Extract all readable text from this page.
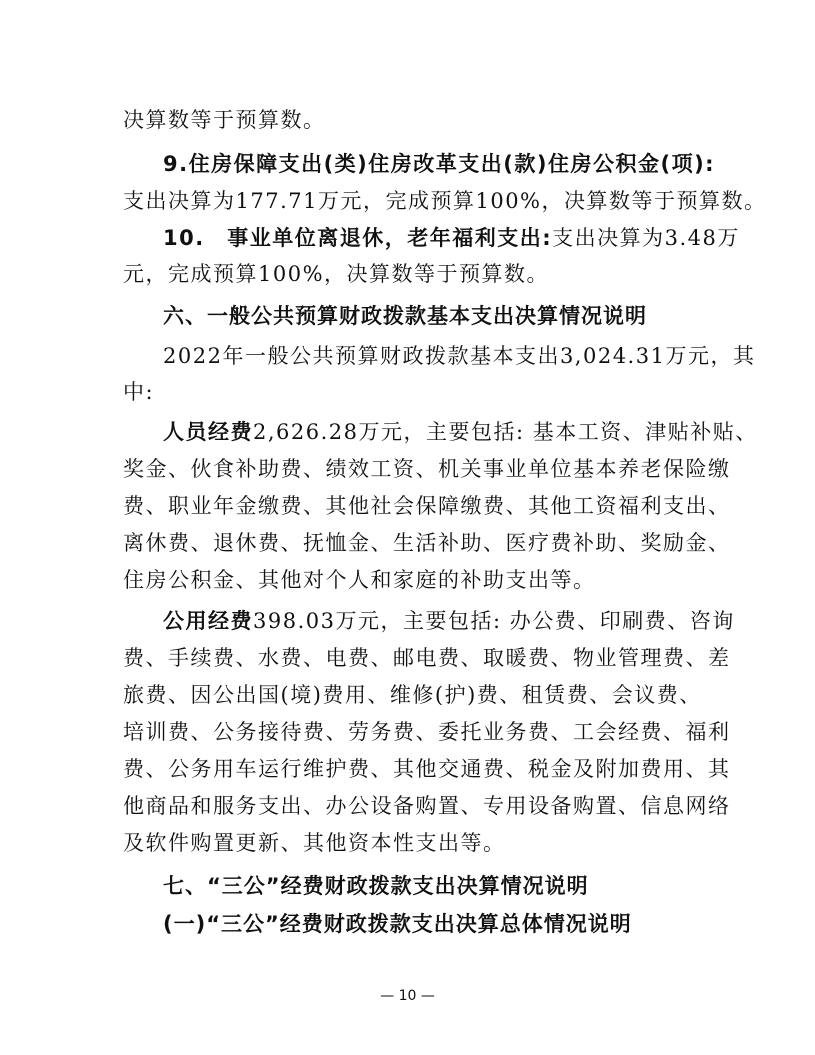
决算数等于预算数。
9.住房保障支出(类)住房改革支出(款)住房公积金(项):
支出决算为177.71万元，完成预算100%，决算数等于预算数。
10.　事业单位离退休，老年福利支出:支出决算为3.48万
元，完成预算100%，决算数等于预算数。
六、一般公共预算财政拨款基本支出决算情况说明
2022年一般公共预算财政拨款基本支出3,024.31万元，其
中:
人员经费2,626.28万元，主要包括: 基本工资、津贴补贴、
奖金、伙食补助费、绩效工资、机关事业单位基本养老保险缴
费、职业年金缴费、其他社会保障缴费、其他工资福利支出、
离休费、退休费、抚恤金、生活补助、医疗费补助、奖励金、
住房公积金、其他对个人和家庭的补助支出等。
公用经费398.03万元，主要包括: 办公费、印刷费、咨询
费、手续费、水费、电费、邮电费、取暖费、物业管理费、差
旅费、因公出国(境)费用、维修(护)费、租赁费、会议费、
培训费、公务接待费、劳务费、委托业务费、工会经费、福利
费、公务用车运行维护费、其他交通费、税金及附加费用、其
他商品和服务支出、办公设备购置、专用设备购置、信息网络
及软件购置更新、其他资本性支出等。
七、“三公”经费财政拨款支出决算情况说明
(一)“三公”经费财政拨款支出决算总体情况说明
— 10 —
